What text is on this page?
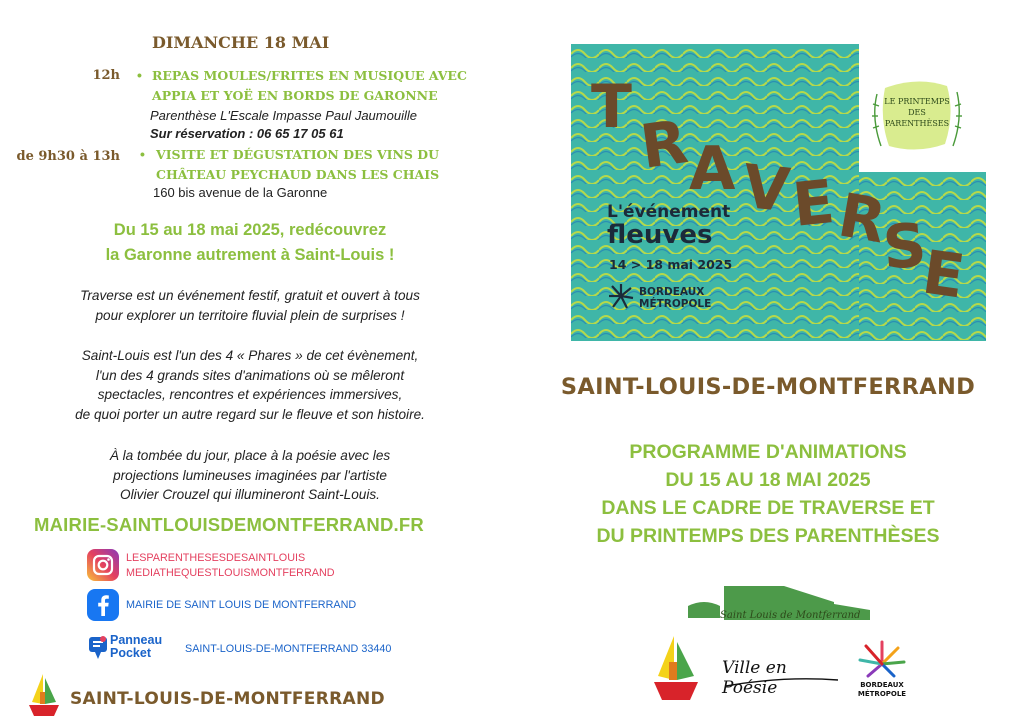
DIMANCHE 18 MAI
12h • REPAS MOULES/FRITES EN MUSIQUE AVEC
APPIA ET YOË EN BORDS DE GARONNE
Parenthèse L'Escale Impasse Paul Jaumouille
Sur réservation : 06 65 17 05 61
de 9h30 à 13h • VISITE ET DÉGUSTATION DES VINS DU
CHÂTEAU PEYCHAUD DANS LES CHAIS
160 bis avenue de la Garonne
Du 15 au 18 mai 2025, redécouvrez
la Garonne autrement à Saint-Louis !
Traverse est un événement festif, gratuit et ouvert à tous
pour explorer un territoire fluvial plein de surprises !
Saint-Louis est l'un des 4 « Phares » de cet évènement,
l'un des 4 grands sites d'animations où se mêleront
spectacles, rencontres et expériences immersives,
de quoi porter un autre regard sur le fleuve et son histoire.
À la tombée du jour, place à la poésie avec les
projections lumineuses imaginées par l'artiste
Olivier Crouzel qui illumineront Saint-Louis.
MAIRIE-SAINTLOUISDEMONTFERRAND.FR
LESPARENTHESESDESAINTLOUIS
MEDIATHEQUESTLOUISMONTFERRAND
MAIRIE DE SAINT LOUIS DE MONTFERRAND
Panneau
Pocket	SAINT-LOUIS-DE-MONTFERRAND 33440
SAINT-LOUIS-DE-MONTFERRAND
T
R
A V
E
R
S
E
L'événement
fleuves
14 > 18 mai 2025
BORDEAUX
MÉTROPOLE
LE PRINTEMPS
DES
PARENTHÈSES
SAINT-LOUIS-DE-MONTFERRAND
PROGRAMME D'ANIMATIONS
DU 15 AU 18 MAI 2025
DANS LE CADRE DE TRAVERSE ET
DU PRINTEMPS DES PARENTHÈSES
Saint Louis de Montferrand
Ville en Poésie	BORDEAUX
MÉTROPOLE
